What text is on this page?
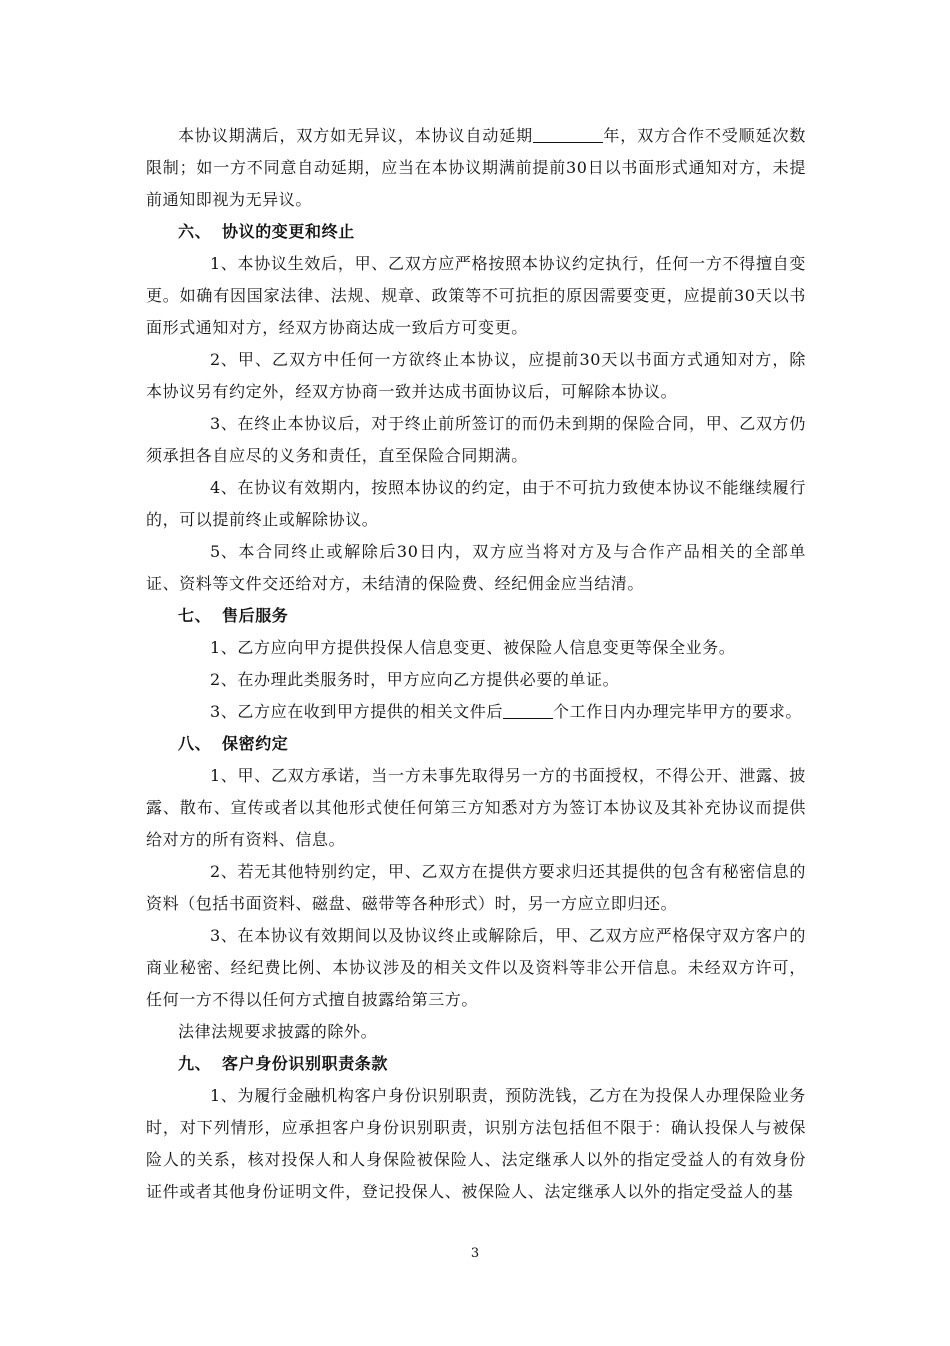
本协议期满后，双方如无异议，本协议自动延期	年，双方合作不受顺延次数限制；如一方不同意自动延期，应当在本协议期满前提前30日以书面形式通知对方，未提前通知即视为无异议。

六、 协议的变更和终止

1、本协议生效后，甲、乙双方应严格按照本协议约定执行，任何一方不得擅自变更。如确有因国家法律、法规、规章、政策等不可抗拒的原因需要变更，应提前30天以书面形式通知对方，经双方协商达成一致后方可变更。

2、甲、乙双方中任何一方欲终止本协议，应提前30天以书面方式通知对方，除本协议另有约定外，经双方协商一致并达成书面协议后，可解除本协议。

3、在终止本协议后，对于终止前所签订的而仍未到期的保险合同，甲、乙双方仍须承担各自应尽的义务和责任，直至保险合同期满。

4、在协议有效期内，按照本协议的约定，由于不可抗力致使本协议不能继续履行的，可以提前终止或解除协议。

5、本合同终止或解除后30日内，双方应当将对方及与合作产品相关的全部单证、资料等文件交还给对方，未结清的保险费、经纪佣金应当结清。

七、 售后服务

1、乙方应向甲方提供投保人信息变更、被保险人信息变更等保全业务。

2、在办理此类服务时，甲方应向乙方提供必要的单证。

3、乙方应在收到甲方提供的相关文件后	个工作日内办理完毕甲方的要求。

八、 保密约定

1、甲、乙双方承诺，当一方未事先取得另一方的书面授权，不得公开、泄露、披露、散布、宣传或者以其他形式使任何第三方知悉对方为签订本协议及其补充协议而提供给对方的所有资料、信息。

2、若无其他特别约定，甲、乙双方在提供方要求归还其提供的包含有秘密信息的资料（包括书面资料、磁盘、磁带等各种形式）时，另一方应立即归还。

3、在本协议有效期间以及协议终止或解除后，甲、乙双方应严格保守双方客户的商业秘密、经纪费比例、本协议涉及的相关文件以及资料等非公开信息。未经双方许可，任何一方不得以任何方式擅自披露给第三方。

法律法规要求披露的除外。

九、 客户身份识别职责条款

1、为履行金融机构客户身份识别职责，预防洗钱，乙方在为投保人办理保险业务时，对下列情形，应承担客户身份识别职责，识别方法包括但不限于：确认投保人与被保险人的关系，核对投保人和人身保险被保险人、法定继承人以外的指定受益人的有效身份证件或者其他身份证明文件，登记投保人、被保险人、法定继承人以外的指定受益人的基

3
